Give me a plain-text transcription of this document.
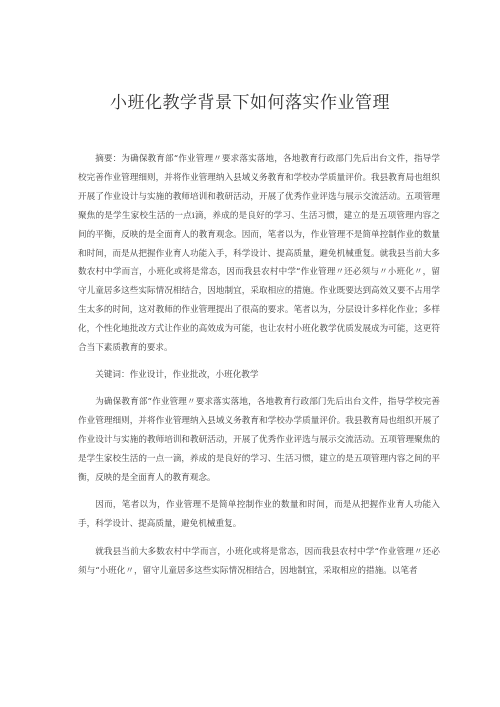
小班化教学背景下如何落实作业管理

摘要：为确保教育部“作业管理〃要求落实落地，各地教育行政部门先后出台文件，指导学校完善作业管理细则，并将作业管理纳入县域义务教育和学校办学质量评价。我县教育局也组织开展了作业设计与实施的教师培训和教研活动，开展了优秀作业评选与展示交流活动。五项管理聚焦的是学生家校生活的一点ⅰ滴，养成的是良好的学习、生活习惯，建立的是五项管理内容之间的平衡，反映的是全面育人的教育观念。因而，笔者以为，作业管理不是简单控制作业的数量和时间，而是从把握作业育人功能入手，科学设计、提高质量，避免机械重复。就我县当前大多数农村中学而言，小班化或将是常态，因而我县农村中学“作业管理〃还必须与〃小班化〃，留守儿童居多这些实际情况相结合，因地制宜，采取相应的措施。作业既要达到高效又要不占用学生太多的时间，这对教师的作业管理提出了很高的要求。笔者以为，分层设计多样化作业；多样化，个性化地批改方式让作业的高效成为可能，也让农村小班化教学优质发展成为可能，这更符合当下素质教育的要求。

关键词：作业设计，作业批改，小班化教学

为确保教育部“作业管理〃要求落实落地，各地教育行政部门先后出台文件，指导学校完善作业管理细则，并将作业管理纳入县域义务教育和学校办学质量评价。我县教育局也组织开展了作业设计与实施的教师培训和教研活动，开展了优秀作业评选与展示交流活动。五项管理聚焦的是学生家校生活的一点一滴，养成的是良好的学习、生活习惯，建立的是五项管理内容之间的平衡，反映的是全面育人的教育观念。

因而，笔者以为，作业管理不是简单控制作业的数量和时间，而是从把握作业育人功能入手，科学设计、提高质量，避免机械重复。

就我县当前大多数农村中学而言，小班化或将是常态，因而我县农村中学“作业管理〃还必须与“小班化〃，留守儿童居多这些实际情况相结合，因地制宜，采取相应的措施。以笔者
